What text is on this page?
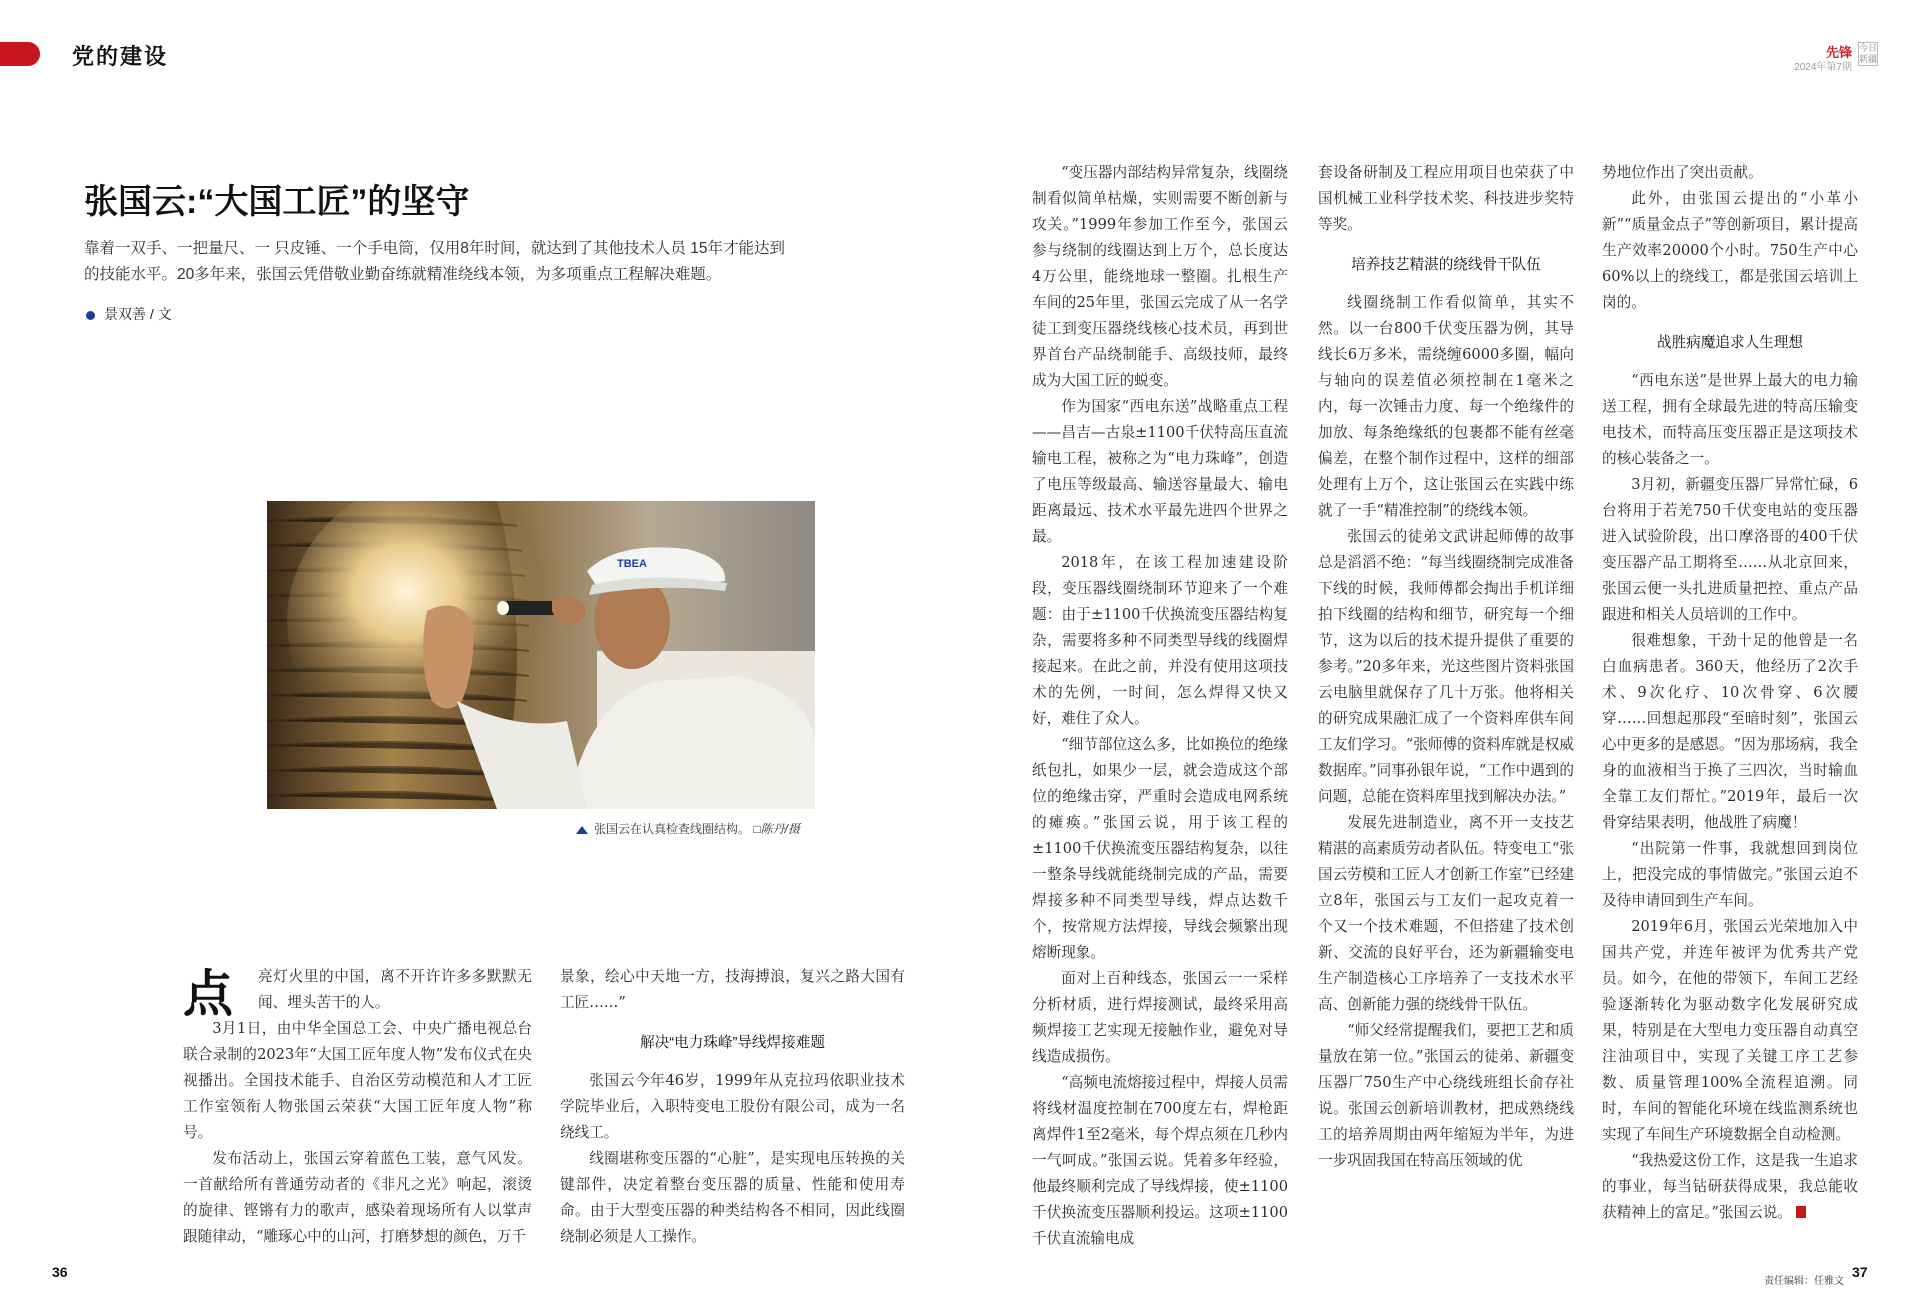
党的建设	先锋
2024年第7期
今日
新疆
张国云:“大国工匠”的坚守
靠着一双手、一把量尺、一 只皮锤、一个手电筒，仅用8年时间，就达到了其他技术人员 15年才能达到的技能水平。20多年来，张国云凭借敬业勤奋练就精准绕线本领，为多项重点工程解决难题。
景双善 / 文
TBEA
张国云在认真检查线圈结构。 □陈丹/摄
点	亮灯火里的中国，离不开许许多多默默无闻、埋头苦干的人。

3月1日，由中华全国总工会、中央广播电视总台联合录制的2023年“大国工匠年度人物”发布仪式在央视播出。全国技术能手、自治区劳动模范和人才工匠工作室领衔人物张国云荣获“大国工匠年度人物”称号。

发布活动上，张国云穿着蓝色工装，意气风发。一首献给所有普通劳动者的《非凡之光》响起，滚烫的旋律、铿锵有力的歌声，感染着现场所有人以掌声跟随律动，“雕琢心中的山河，打磨梦想的颜色，万千

景象，绘心中天地一方，技海搏浪，复兴之路大国有工匠……”

解决“电力珠峰”导线焊接难题

张国云今年46岁，1999年从克拉玛依职业技术学院毕业后，入职特变电工股份有限公司，成为一名绕线工。

线圈堪称变压器的“心脏”，是实现电压转换的关键部件，决定着整台变压器的质量、性能和使用寿命。由于大型变压器的种类结构各不相同，因此线圈绕制必须是人工操作。

“变压器内部结构异常复杂，线圈绕制看似简单枯燥，实则需要不断创新与攻关。”1999年参加工作至今，张国云参与绕制的线圈达到上万个，总长度达4万公里，能绕地球一整圈。扎根生产车间的25年里，张国云完成了从一名学徒工到变压器绕线核心技术员，再到世界首台产品绕制能手、高级技师，最终成为大国工匠的蜕变。

作为国家“西电东送”战略重点工程——昌吉—古泉±1100千伏特高压直流输电工程，被称之为“电力珠峰”，创造了电压等级最高、输送容量最大、输电距离最远、技术水平最先进四个世界之最。

2018年，在该工程加速建设阶段，变压器线圈绕制环节迎来了一个难题：由于±1100千伏换流变压器结构复杂，需要将多种不同类型导线的线圈焊接起来。在此之前，并没有使用这项技术的先例，一时间，怎么焊得又快又好，难住了众人。

“细节部位这么多，比如换位的绝缘纸包扎，如果少一层，就会造成这个部位的绝缘击穿，严重时会造成电网系统的瘫痪。”张国云说，用于该工程的±1100千伏换流变压器结构复杂，以往一整条导线就能绕制完成的产品，需要焊接多种不同类型导线，焊点达数千个，按常规方法焊接，导线会频繁出现熔断现象。

面对上百种线态，张国云一一采样分析材质，进行焊接测试，最终采用高频焊接工艺实现无接触作业，避免对导线造成损伤。

“高频电流熔接过程中，焊接人员需将线材温度控制在700度左右，焊枪距离焊件1至2毫米，每个焊点须在几秒内一气呵成。”张国云说。凭着多年经验，他最终顺利完成了导线焊接，使±1100千伏换流变压器顺利投运。这项±1100千伏直流输电成

套设备研制及工程应用项目也荣获了中国机械工业科学技术奖、科技进步奖特等奖。

培养技艺精湛的绕线骨干队伍

线圈绕制工作看似简单，其实不然。以一台800千伏变压器为例，其导线长6万多米，需绕缠6000多圈，幅向与轴向的误差值必须控制在1毫米之内，每一次锤击力度、每一个绝缘件的加放、每条绝缘纸的包裹都不能有丝毫偏差，在整个制作过程中，这样的细部处理有上万个，这让张国云在实践中练就了一手“精准控制”的绕线本领。

张国云的徒弟文武讲起师傅的故事总是滔滔不绝：“每当线圈绕制完成准备下线的时候，我师傅都会掏出手机详细拍下线圈的结构和细节，研究每一个细节，这为以后的技术提升提供了重要的参考。”20多年来，光这些图片资料张国云电脑里就保存了几十万张。他将相关的研究成果融汇成了一个资料库供车间工友们学习。“张师傅的资料库就是权威数据库。”同事孙银年说，“工作中遇到的问题，总能在资料库里找到解决办法。”

发展先进制造业，离不开一支技艺精湛的高素质劳动者队伍。特变电工“张国云劳模和工匠人才创新工作室”已经建立8年，张国云与工友们一起攻克着一个又一个技术难题，不但搭建了技术创新、交流的良好平台，还为新疆输变电生产制造核心工序培养了一支技术水平高、创新能力强的绕线骨干队伍。

“师父经常提醒我们，要把工艺和质量放在第一位。”张国云的徒弟、新疆变压器厂750生产中心绕线班组长俞存社说。张国云创新培训教材，把成熟绕线工的培养周期由两年缩短为半年，为进一步巩固我国在特高压领域的优

势地位作出了突出贡献。

此外，由张国云提出的“小革小新”“质量金点子”等创新项目，累计提高生产效率20000个小时。750生产中心60%以上的绕线工，都是张国云培训上岗的。

战胜病魔追求人生理想

“西电东送”是世界上最大的电力输送工程，拥有全球最先进的特高压输变电技术，而特高压变压器正是这项技术的核心装备之一。

3月初，新疆变压器厂异常忙碌，6台将用于若羌750千伏变电站的变压器进入试验阶段，出口摩洛哥的400千伏变压器产品工期将至……从北京回来，张国云便一头扎进质量把控、重点产品跟进和相关人员培训的工作中。

很难想象，干劲十足的他曾是一名白血病患者。360天，他经历了2次手术、9次化疗、10次骨穿、6次腰穿……回想起那段“至暗时刻”，张国云心中更多的是感恩。“因为那场病，我全身的血液相当于换了三四次，当时输血全靠工友们帮忙。”2019年，最后一次骨穿结果表明，他战胜了病魔！

“出院第一件事，我就想回到岗位上，把没完成的事情做完。”张国云迫不及待申请回到生产车间。

2019年6月，张国云光荣地加入中国共产党，并连年被评为优秀共产党员。如今，在他的带领下，车间工艺经验逐渐转化为驱动数字化发展研究成果，特别是在大型电力变压器自动真空注油项目中，实现了关键工序工艺参数、质量管理100%全流程追溯。同时，车间的智能化环境在线监测系统也实现了车间生产环境数据全自动检测。

“我热爱这份工作，这是我一生追求的事业，每当钻研获得成果，我总能收获精神上的富足。”张国云说。

36	37
责任编辑：任雅文
